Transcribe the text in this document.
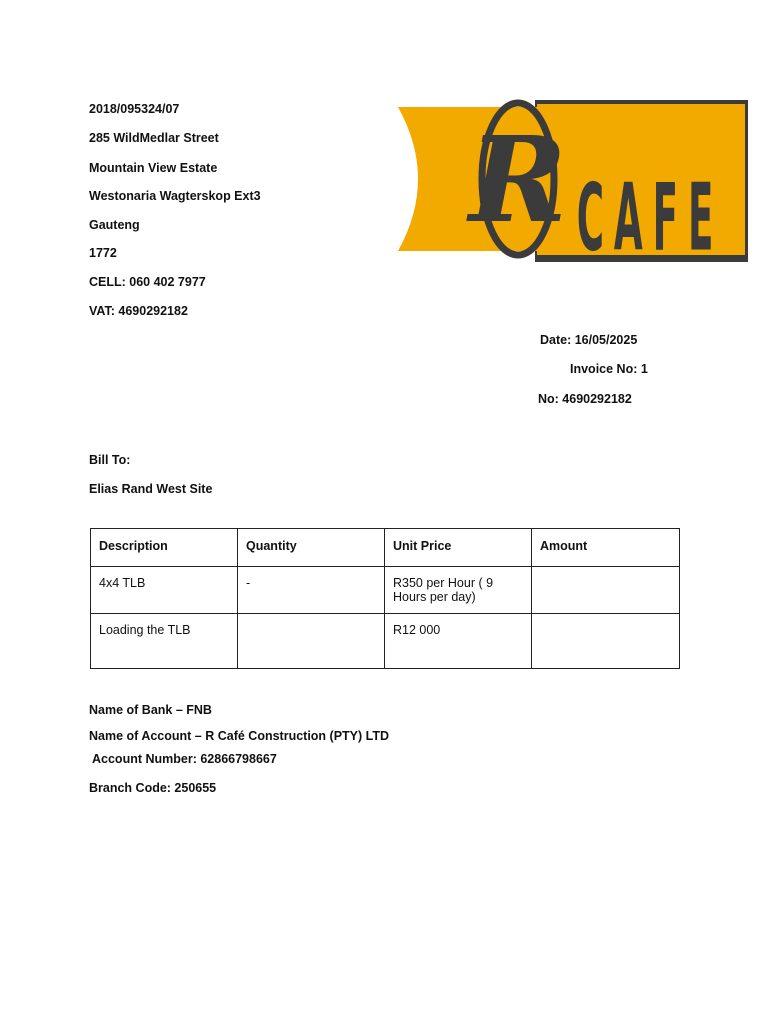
2018/095324/07
285 WildMedlar Street
Mountain View Estate
Westonaria Wagterskop Ext3
Gauteng
1772
CELL: 060 402 7977
VAT: 4690292182
R CAFE
Date: 16/05/2025
Invoice No: 1
No: 4690292182
Bill To:
Elias Rand West Site
Description	Quantity	Unit Price	Amount
4x4 TLB	-	R350 per Hour ( 9 Hours per day)	
Loading the TLB		R12 000	
Name of Bank – FNB
Name of Account – R Café Construction (PTY) LTD
Account Number: 62866798667
Branch Code: 250655
